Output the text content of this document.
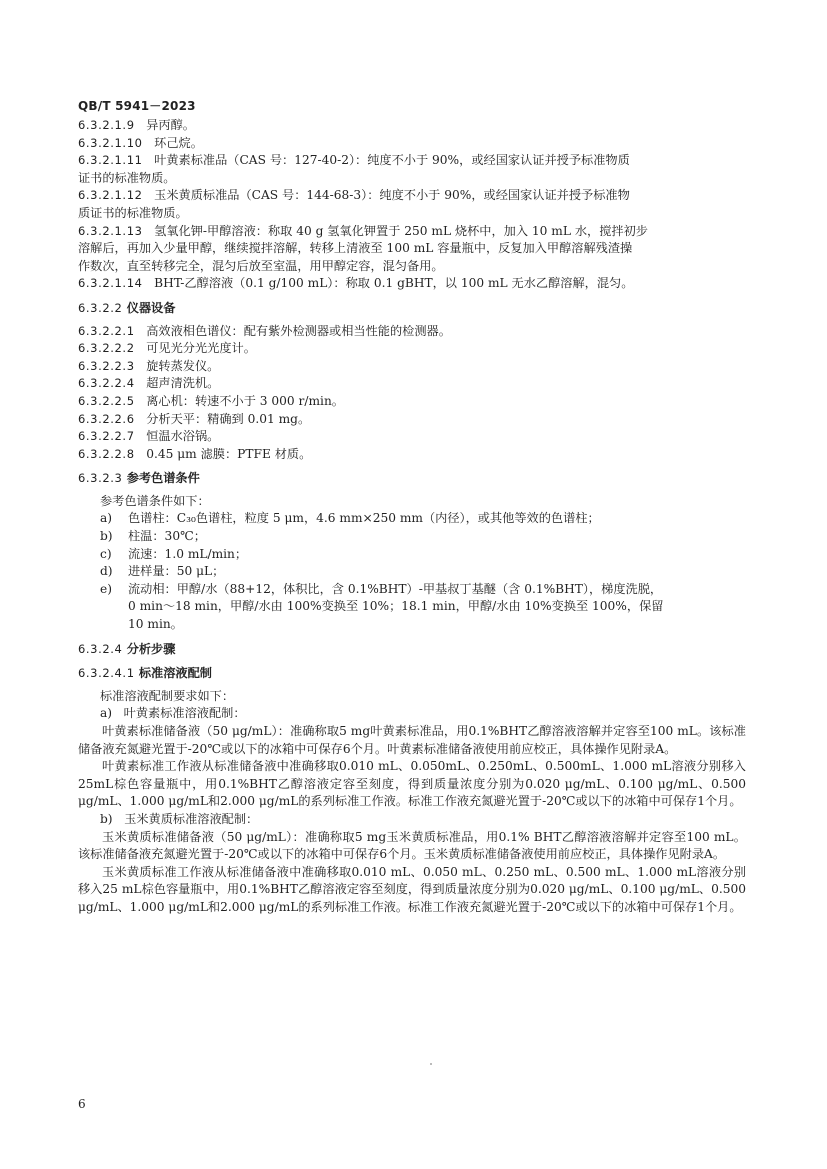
QB/T 5941－2023
6.3.2.1.9 异丙醇。
6.3.2.1.10 环己烷。
6.3.2.1.11 叶黄素标准品（CAS 号：127-40-2）：纯度不小于 90%，或经国家认证并授予标准物质
证书的标准物质。
6.3.2.1.12 玉米黄质标准品（CAS 号：144-68-3）：纯度不小于 90%，或经国家认证并授予标准物
质证书的标准物质。
6.3.2.1.13 氢氧化钾-甲醇溶液：称取 40 g 氢氧化钾置于 250 mL 烧杯中，加入 10 mL 水，搅拌初步
溶解后，再加入少量甲醇，继续搅拌溶解，转移上清液至 100 mL 容量瓶中，反复加入甲醇溶解残渣操
作数次，直至转移完全，混匀后放至室温，用甲醇定容，混匀备用。
6.3.2.1.14 BHT-乙醇溶液（0.1 g/100 mL）：称取 0.1 gBHT，以 100 mL 无水乙醇溶解，混匀。
6.3.2.2 仪器设备
6.3.2.2.1 高效液相色谱仪：配有紫外检测器或相当性能的检测器。
6.3.2.2.2 可见光分光光度计。
6.3.2.2.3 旋转蒸发仪。
6.3.2.2.4 超声清洗机。
6.3.2.2.5 离心机：转速不小于 3 000 r/min。
6.3.2.2.6 分析天平：精确到 0.01 mg。
6.3.2.2.7 恒温水浴锅。
6.3.2.2.8 0.45 μm 滤膜：PTFE 材质。
6.3.2.3 参考色谱条件
参考色谱条件如下：
a)	色谱柱：C₃₀色谱柱，粒度 5 μm，4.6 mm×250 mm（内径），或其他等效的色谱柱；
b)	柱温：30℃；
c)	流速：1.0 mL/min；
d)	进样量：50 μL；
e)	流动相：甲醇/水（88+12，体积比，含 0.1%BHT）-甲基叔丁基醚（含 0.1%BHT），梯度洗脱，
0 min～18 min，甲醇/水由 100%变换至 10%；18.1 min，甲醇/水由 10%变换至 100%，保留
10 min。
6.3.2.4 分析步骤
6.3.2.4.1 标准溶液配制
标准溶液配制要求如下：
a) 叶黄素标准溶液配制：

叶黄素标准储备液（50 μg/mL）：准确称取5 mg叶黄素标准品，用0.1%BHT乙醇溶液溶解并定容至100 mL。该标准储备液充氮避光置于-20℃或以下的冰箱中可保存6个月。叶黄素标准储备液使用前应校正，具体操作见附录A。

叶黄素标准工作液从标准储备液中准确移取0.010 mL、0.050mL、0.250mL、0.500mL、1.000 mL溶液分别移入25mL棕色容量瓶中，用0.1%BHT乙醇溶液定容至刻度，得到质量浓度分别为0.020 μg/mL、0.100 μg/mL、0.500 μg/mL、1.000 μg/mL和2.000 μg/mL的系列标准工作液。标准工作液充氮避光置于-20℃或以下的冰箱中可保存1个月。

b) 玉米黄质标准溶液配制：

玉米黄质标准储备液（50 μg/mL）：准确称取5 mg玉米黄质标准品，用0.1% BHT乙醇溶液溶解并定容至100 mL。该标准储备液充氮避光置于-20℃或以下的冰箱中可保存6个月。玉米黄质标准储备液使用前应校正，具体操作见附录A。

玉米黄质标准工作液从标准储备液中准确移取0.010 mL、0.050 mL、0.250 mL、0.500 mL、1.000 mL溶液分别移入25 mL棕色容量瓶中，用0.1%BHT乙醇溶液定容至刻度，得到质量浓度分别为0.020 μg/mL、0.100 μg/mL、0.500 μg/mL、1.000 μg/mL和2.000 μg/mL的系列标准工作液。标准工作液充氮避光置于-20℃或以下的冰箱中可保存1个月。

6
